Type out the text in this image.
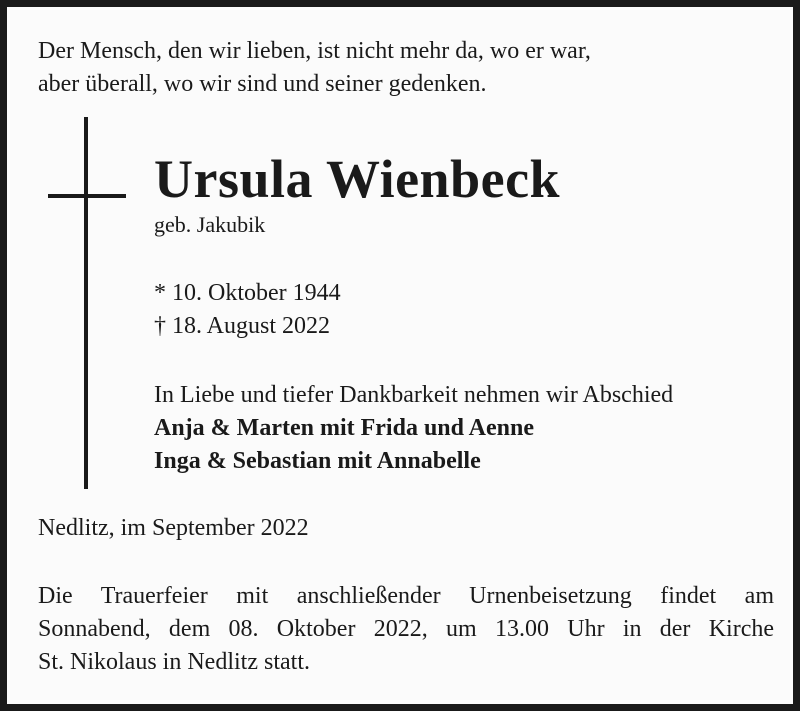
Der Mensch, den wir lieben, ist nicht mehr da, wo er war,
aber überall, wo wir sind und seiner gedenken.
Ursula Wienbeck
geb. Jakubik
* 10. Oktober 1944
† 18. August 2022
In Liebe und tiefer Dankbarkeit nehmen wir Abschied
Anja & Marten mit Frida und Aenne
Inga & Sebastian mit Annabelle
Nedlitz, im September 2022
Die Trauerfeier mit anschließender Urnenbeisetzung findet am
Sonnabend, dem 08. Oktober 2022, um 13.00 Uhr in der Kirche
St. Nikolaus in Nedlitz statt.
